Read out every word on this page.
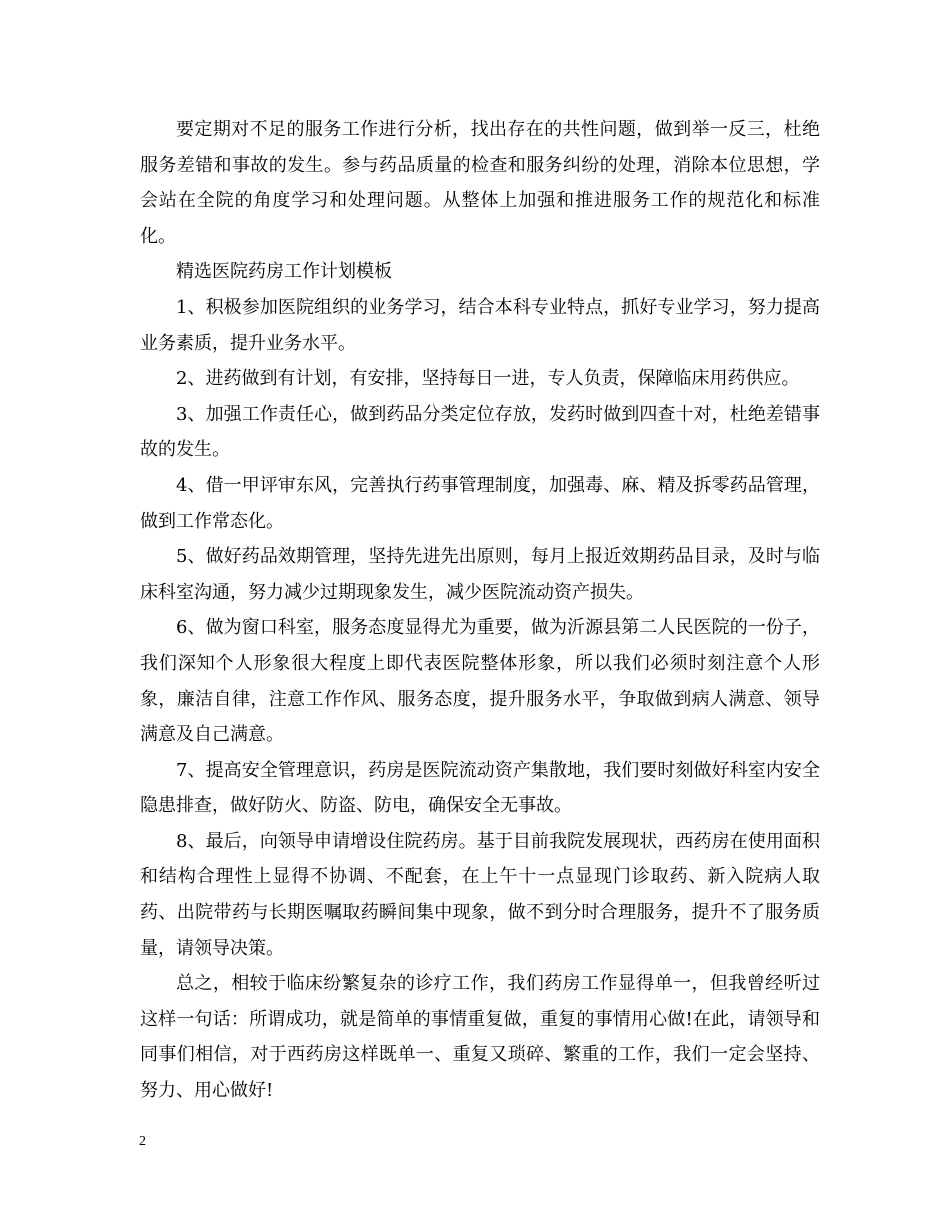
要定期对不足的服务工作进行分析，找出存在的共性问题，做到举一反三，杜绝服务差错和事故的发生。参与药品质量的检查和服务纠纷的处理，消除本位思想，学会站在全院的角度学习和处理问题。从整体上加强和推进服务工作的规范化和标准化。

精选医院药房工作计划模板

1、积极参加医院组织的业务学习，结合本科专业特点，抓好专业学习，努力提高业务素质，提升业务水平。

2、进药做到有计划，有安排，坚持每日一进，专人负责，保障临床用药供应。

3、加强工作责任心，做到药品分类定位存放，发药时做到四查十对，杜绝差错事故的发生。

4、借一甲评审东风，完善执行药事管理制度，加强毒、麻、精及拆零药品管理，做到工作常态化。

5、做好药品效期管理，坚持先进先出原则，每月上报近效期药品目录，及时与临床科室沟通，努力减少过期现象发生，减少医院流动资产损失。

6、做为窗口科室，服务态度显得尤为重要，做为沂源县第二人民医院的一份子，我们深知个人形象很大程度上即代表医院整体形象，所以我们必须时刻注意个人形象，廉洁自律，注意工作作风、服务态度，提升服务水平，争取做到病人满意、领导满意及自己满意。

7、提高安全管理意识，药房是医院流动资产集散地，我们要时刻做好科室内安全隐患排查，做好防火、防盗、防电，确保安全无事故。

8、最后，向领导申请增设住院药房。基于目前我院发展现状，西药房在使用面积和结构合理性上显得不协调、不配套，在上午十一点显现门诊取药、新入院病人取药、出院带药与长期医嘱取药瞬间集中现象，做不到分时合理服务，提升不了服务质量，请领导决策。

总之，相较于临床纷繁复杂的诊疗工作，我们药房工作显得单一，但我曾经听过这样一句话：所谓成功，就是简单的事情重复做，重复的事情用心做!在此，请领导和同事们相信，对于西药房这样既单一、重复又琐碎、繁重的工作，我们一定会坚持、努力、用心做好!

2
